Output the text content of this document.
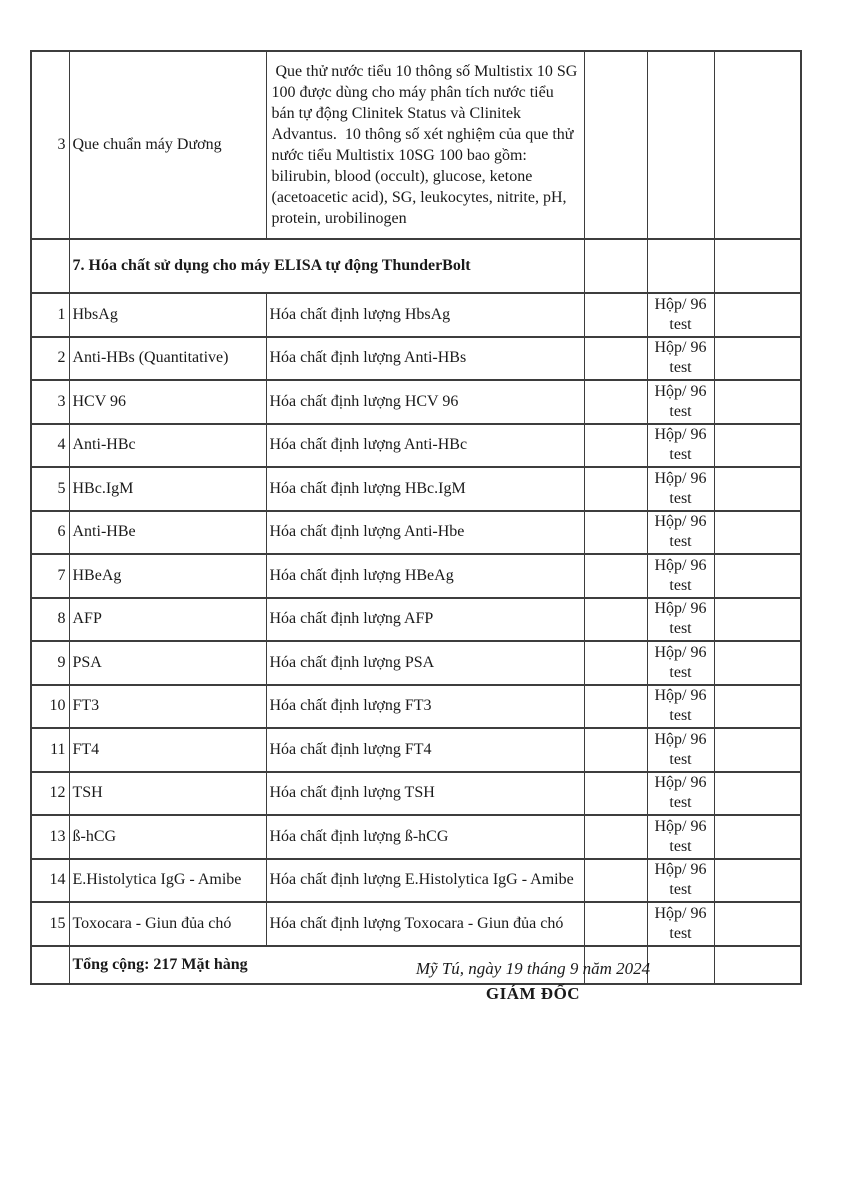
3	Que chuẩn máy Dương	Que thử nước tiểu 10 thông số Multistix 10 SG 100 được dùng cho máy phân tích nước tiểu bán tự động Clinitek Status và Clinitek Advantus.  10 thông số xét nghiệm của que thử nước tiểu Multistix 10SG 100 bao gồm: bilirubin, blood (occult), glucose, ketone (acetoacetic acid), SG, leukocytes, nitrite, pH, protein, urobilinogen			
	7. Hóa chất sử dụng cho máy ELISA tự động ThunderBolt				
1	HbsAg	Hóa chất định lượng HbsAg		Hộp/ 96 test	
2	Anti-HBs (Quantitative)	Hóa chất định lượng Anti-HBs		Hộp/ 96 test	
3	HCV 96	Hóa chất định lượng HCV 96		Hộp/ 96 test	
4	Anti-HBc	Hóa chất định lượng Anti-HBc		Hộp/ 96 test	
5	HBc.IgM	Hóa chất định lượng HBc.IgM		Hộp/ 96 test	
6	Anti-HBe	Hóa chất định lượng Anti-Hbe		Hộp/ 96 test	
7	HBeAg	Hóa chất định lượng HBeAg		Hộp/ 96 test	
8	AFP	Hóa chất định lượng AFP		Hộp/ 96 test	
9	PSA	Hóa chất định lượng PSA		Hộp/ 96 test	
10	FT3	Hóa chất định lượng FT3		Hộp/ 96 test	
11	FT4	Hóa chất định lượng FT4		Hộp/ 96 test	
12	TSH	Hóa chất định lượng TSH		Hộp/ 96 test	
13	ß-hCG	Hóa chất định lượng ß-hCG		Hộp/ 96 test	
14	E.Histolytica IgG - Amibe	Hóa chất định lượng E.Histolytica IgG - Amibe		Hộp/ 96 test	
15	Toxocara - Giun đủa chó	Hóa chất định lượng Toxocara - Giun đủa chó		Hộp/ 96 test	
	Tổng cộng: 217 Mặt hàng					Mỹ Tú, ngày 19 tháng 9 năm 2024
GIÁM ĐỐC
